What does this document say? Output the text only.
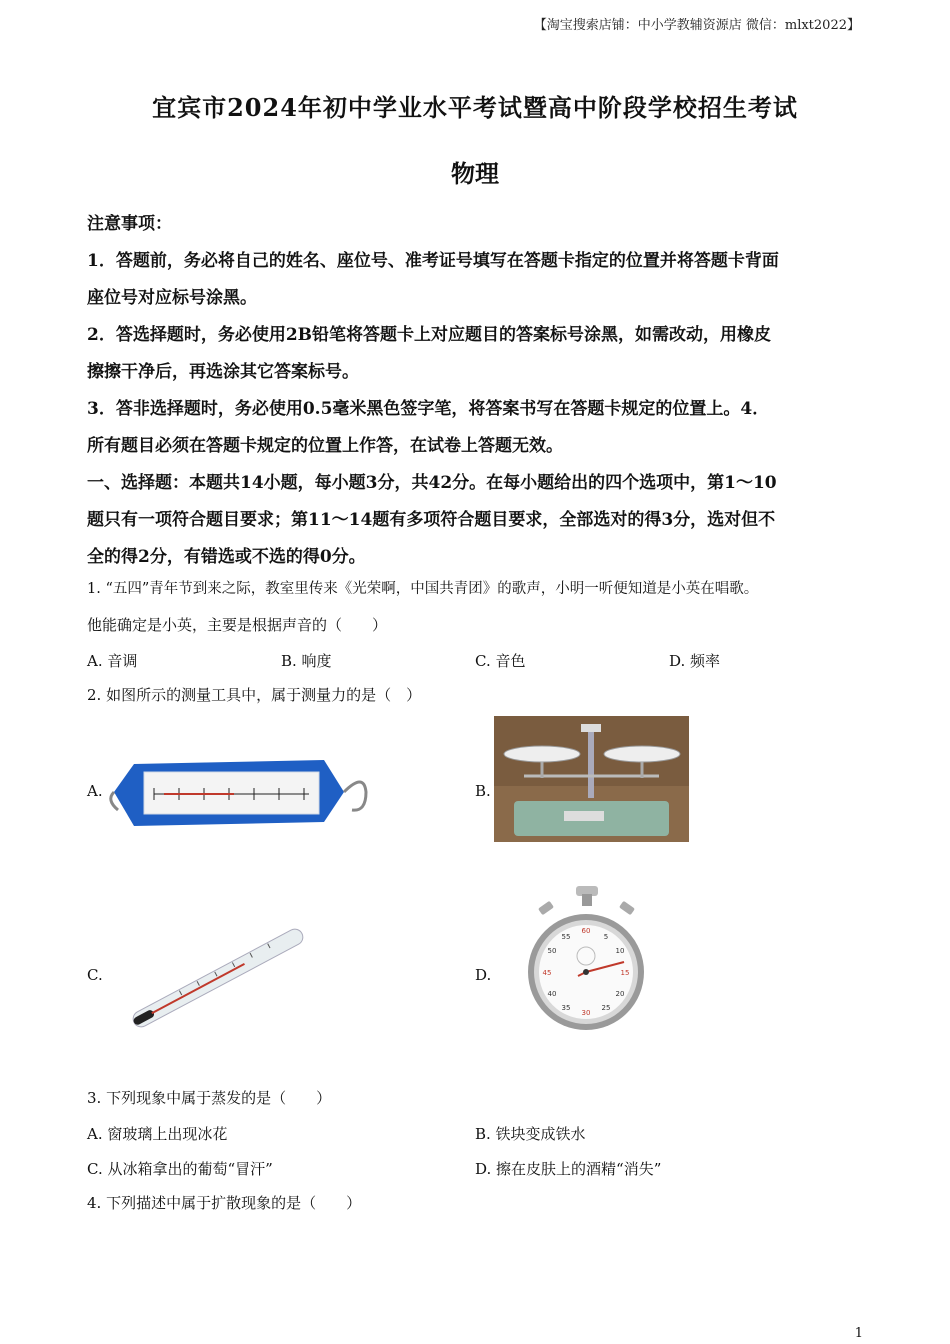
【淘宝搜索店铺：中小学教辅资源店 微信：mlxt2022】
宜宾市2024年初中学业水平考试暨高中阶段学校招生考试
物理
注意事项：
1．答题前，务必将自己的姓名、座位号、准考证号填写在答题卡指定的位置并将答题卡背面
座位号对应标号涂黑。
2．答选择题时，务必使用2B铅笔将答题卡上对应题目的答案标号涂黑，如需改动，用橡皮
擦擦干净后，再选涂其它答案标号。
3．答非选择题时，务必使用0.5毫米黑色签字笔，将答案书写在答题卡规定的位置上。4．
所有题目必须在答题卡规定的位置上作答，在试卷上答题无效。
一、选择题：本题共14小题，每小题3分，共42分。在每小题给出的四个选项中，第1～10
题只有一项符合题目要求；第11～14题有多项符合题目要求，全部选对的得3分，选对但不
全的得2分，有错选或不选的得0分。
1. “五四”青年节到来之际，教室里传来《光荣啊，中国共青团》的歌声，小明一听便知道是小英在唱歌。
他能确定是小英，主要是根据声音的（　　）
A. 音调	B. 响度	C. 音色	D. 频率
2. 如图所示的测量工具中，属于测量力的是（　）
A.	B.
C.	D.
60
5
10
15
20
25
30
35
40
45
50
55
3. 下列现象中属于蒸发的是（　　）
A. 窗玻璃上出现冰花	B. 铁块变成铁水
C. 从冰箱拿出的葡萄“冒汗”	D. 擦在皮肤上的酒精“消失”
4. 下列描述中属于扩散现象的是（　　）
1
